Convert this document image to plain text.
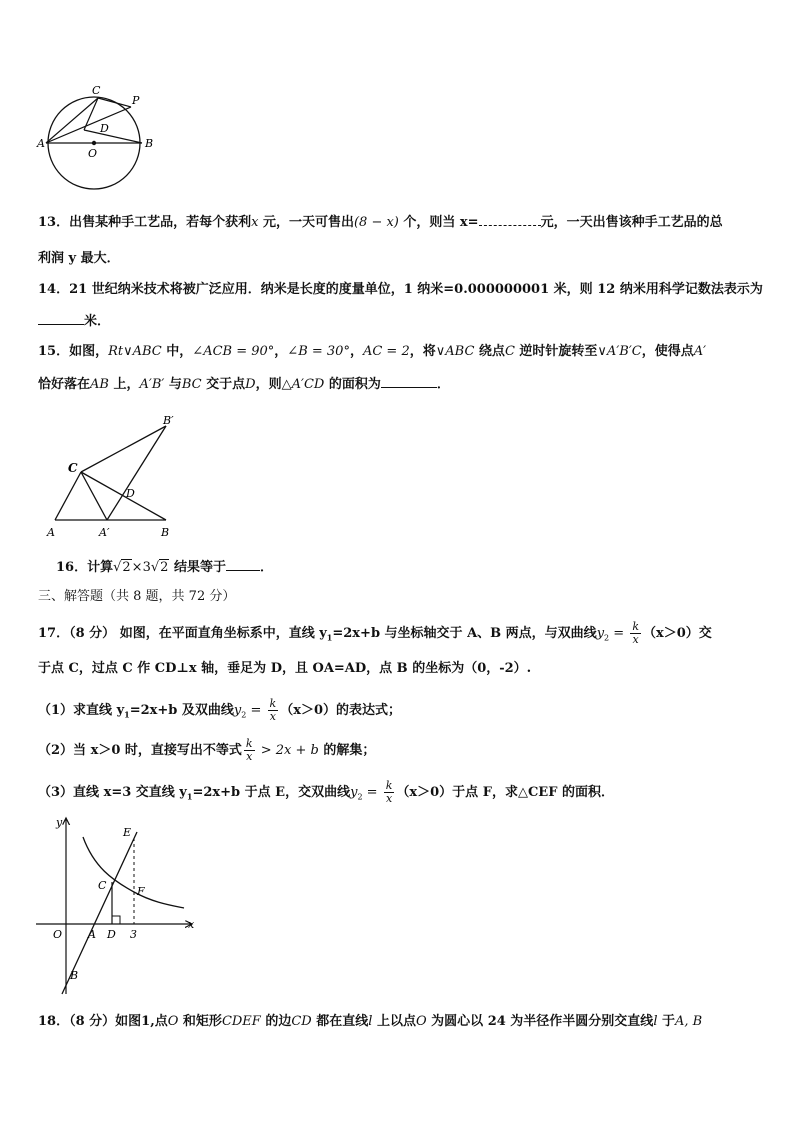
C
P
D
A
O
B
13．出售某种手工艺品，若每个获利x 元，一天可售出(8 − x) 个，则当 x=	元，一天出售该种手工艺品的总
利润 y 最大．
14．21 世纪纳米技术将被广泛应用．纳米是长度的度量单位，1 纳米=0.000000001 米，则 12 纳米用科学记数法表示为
米．
15．如图，Rt∨ABC 中，∠ACB = 90°，∠B = 30°，AC = 2，将∨ABC 绕点C 逆时针旋转至∨A′B′C，使得点A′
恰好落在AB 上，A′B′ 与BC 交于点D，则△A′CD 的面积为	．
B′
C
D
A	A′	B
16．计算√2×3√2 结果等于	．
三、解答题（共 8 题，共 72 分）
17．（8 分） 如图，在平面直角坐标系中，直线 $y_1=2x+b$ 与坐标轴交于 A、B 两点，与双曲线$y_2 = \frac{k}{x} (x>0)$交
于点 C，过点 C 作 CD⊥x 轴，垂足为 D，且 OA=AD，点 B 的坐标为（0，-2）.
（1）求直线 $y_1=2x+b$ 及双曲线$y_2 = \frac{k}{x} (x>0)$的表达式；
（2）当 x＞0 时，直接写出不等式 $\frac{k}{x} > 2x + b$ 的解集；
（3）直线 x=3 交直线 $y_1=2x+b$ 于点 E，交双曲线$y_2 = \frac{k}{x} (x>0)$于点 F，求△CEF 的面积．
y
E
C	F
O A D 3
x
B
18．（8 分）如图1,点O 和矩形CDEF 的边CD 都在直线l 上以点O 为圆心以 24 为半径作半圆分别交直线l 于A, B
